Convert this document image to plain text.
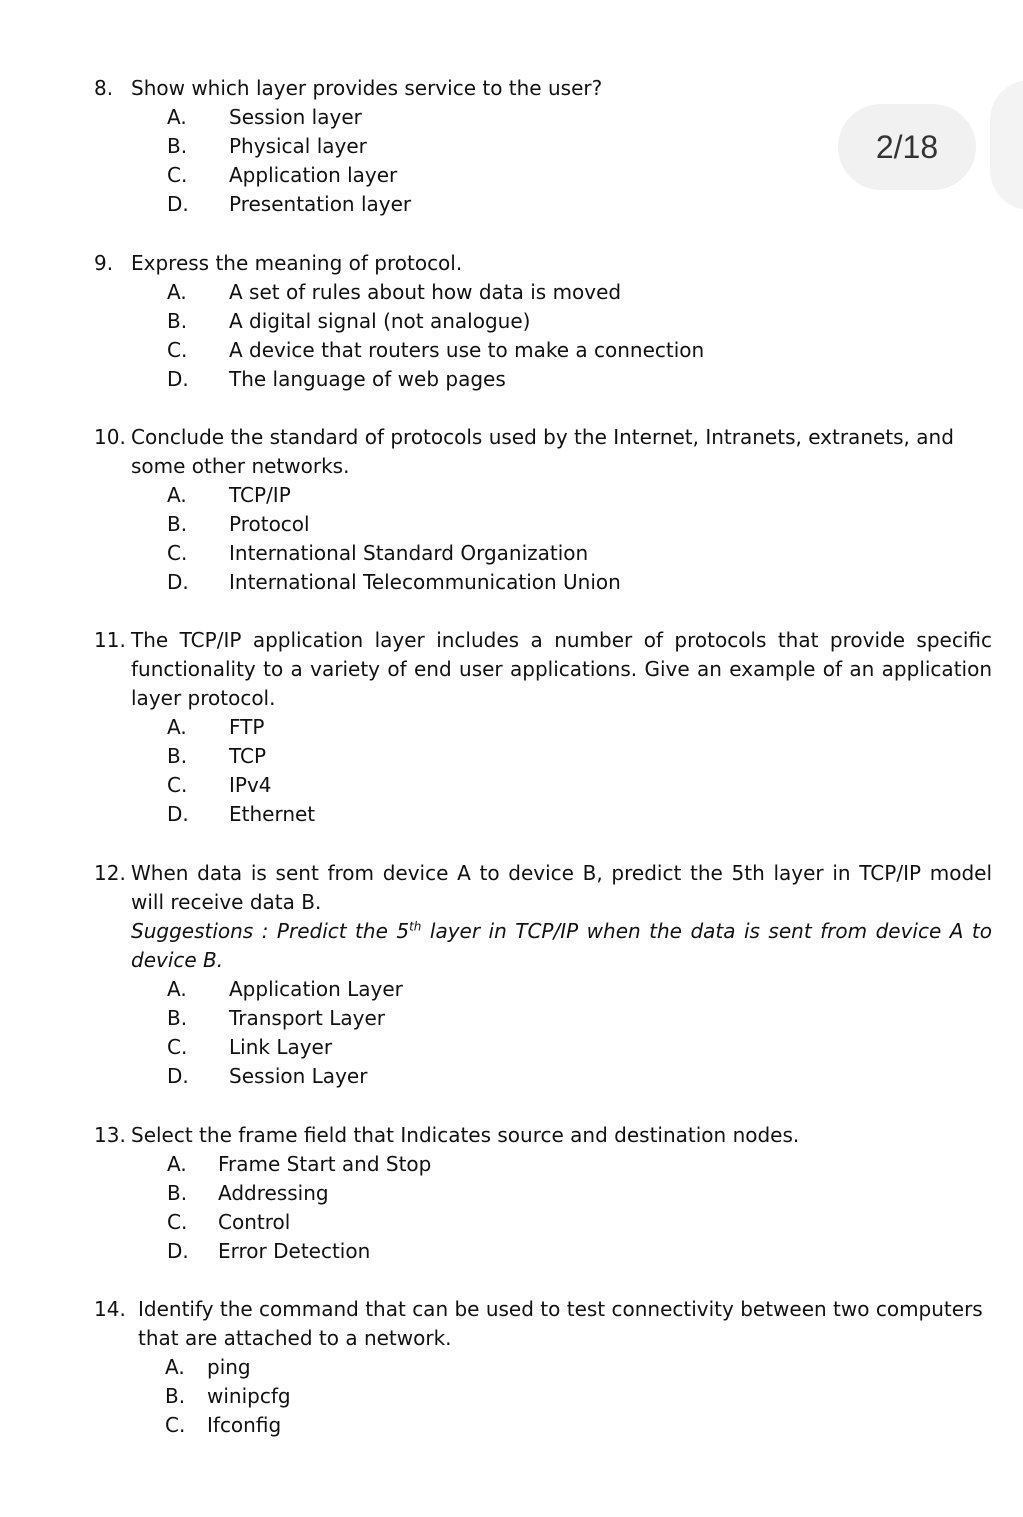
2/18
8. Show which layer provides service to the user?
A.	Session layer
B.	Physical layer
C.	Application layer
D.	Presentation layer
9. Express the meaning of protocol.
A.	A set of rules about how data is moved
B.	A digital signal (not analogue)
C.	A device that routers use to make a connection
D.	The language of web pages
10. Conclude the standard of protocols used by the Internet, Intranets, extranets, and some other networks.
A.	TCP/IP
B.	Protocol
C.	International Standard Organization
D.	International Telecommunication Union
11. The TCP/IP application layer includes a number of protocols that provide specific functionality to a variety of end user applications. Give an example of an application layer protocol.
A.	FTP
B.	TCP
C.	IPv4
D.	Ethernet
12. When data is sent from device A to device B, predict the 5th layer in TCP/IP model will receive data B.
Suggestions : Predict the 5th layer in TCP/IP when the data is sent from device A to device B.
A.	Application Layer
B.	Transport Layer
C.	Link Layer
D.	Session Layer
13. Select the frame field that Indicates source and destination nodes.
A.	Frame Start and Stop
B.	Addressing
C.	Control
D.	Error Detection
14. Identify the command that can be used to test connectivity between two computers that are attached to a network.
A.	ping
B.	winipcfg
C.	Ifconfig
